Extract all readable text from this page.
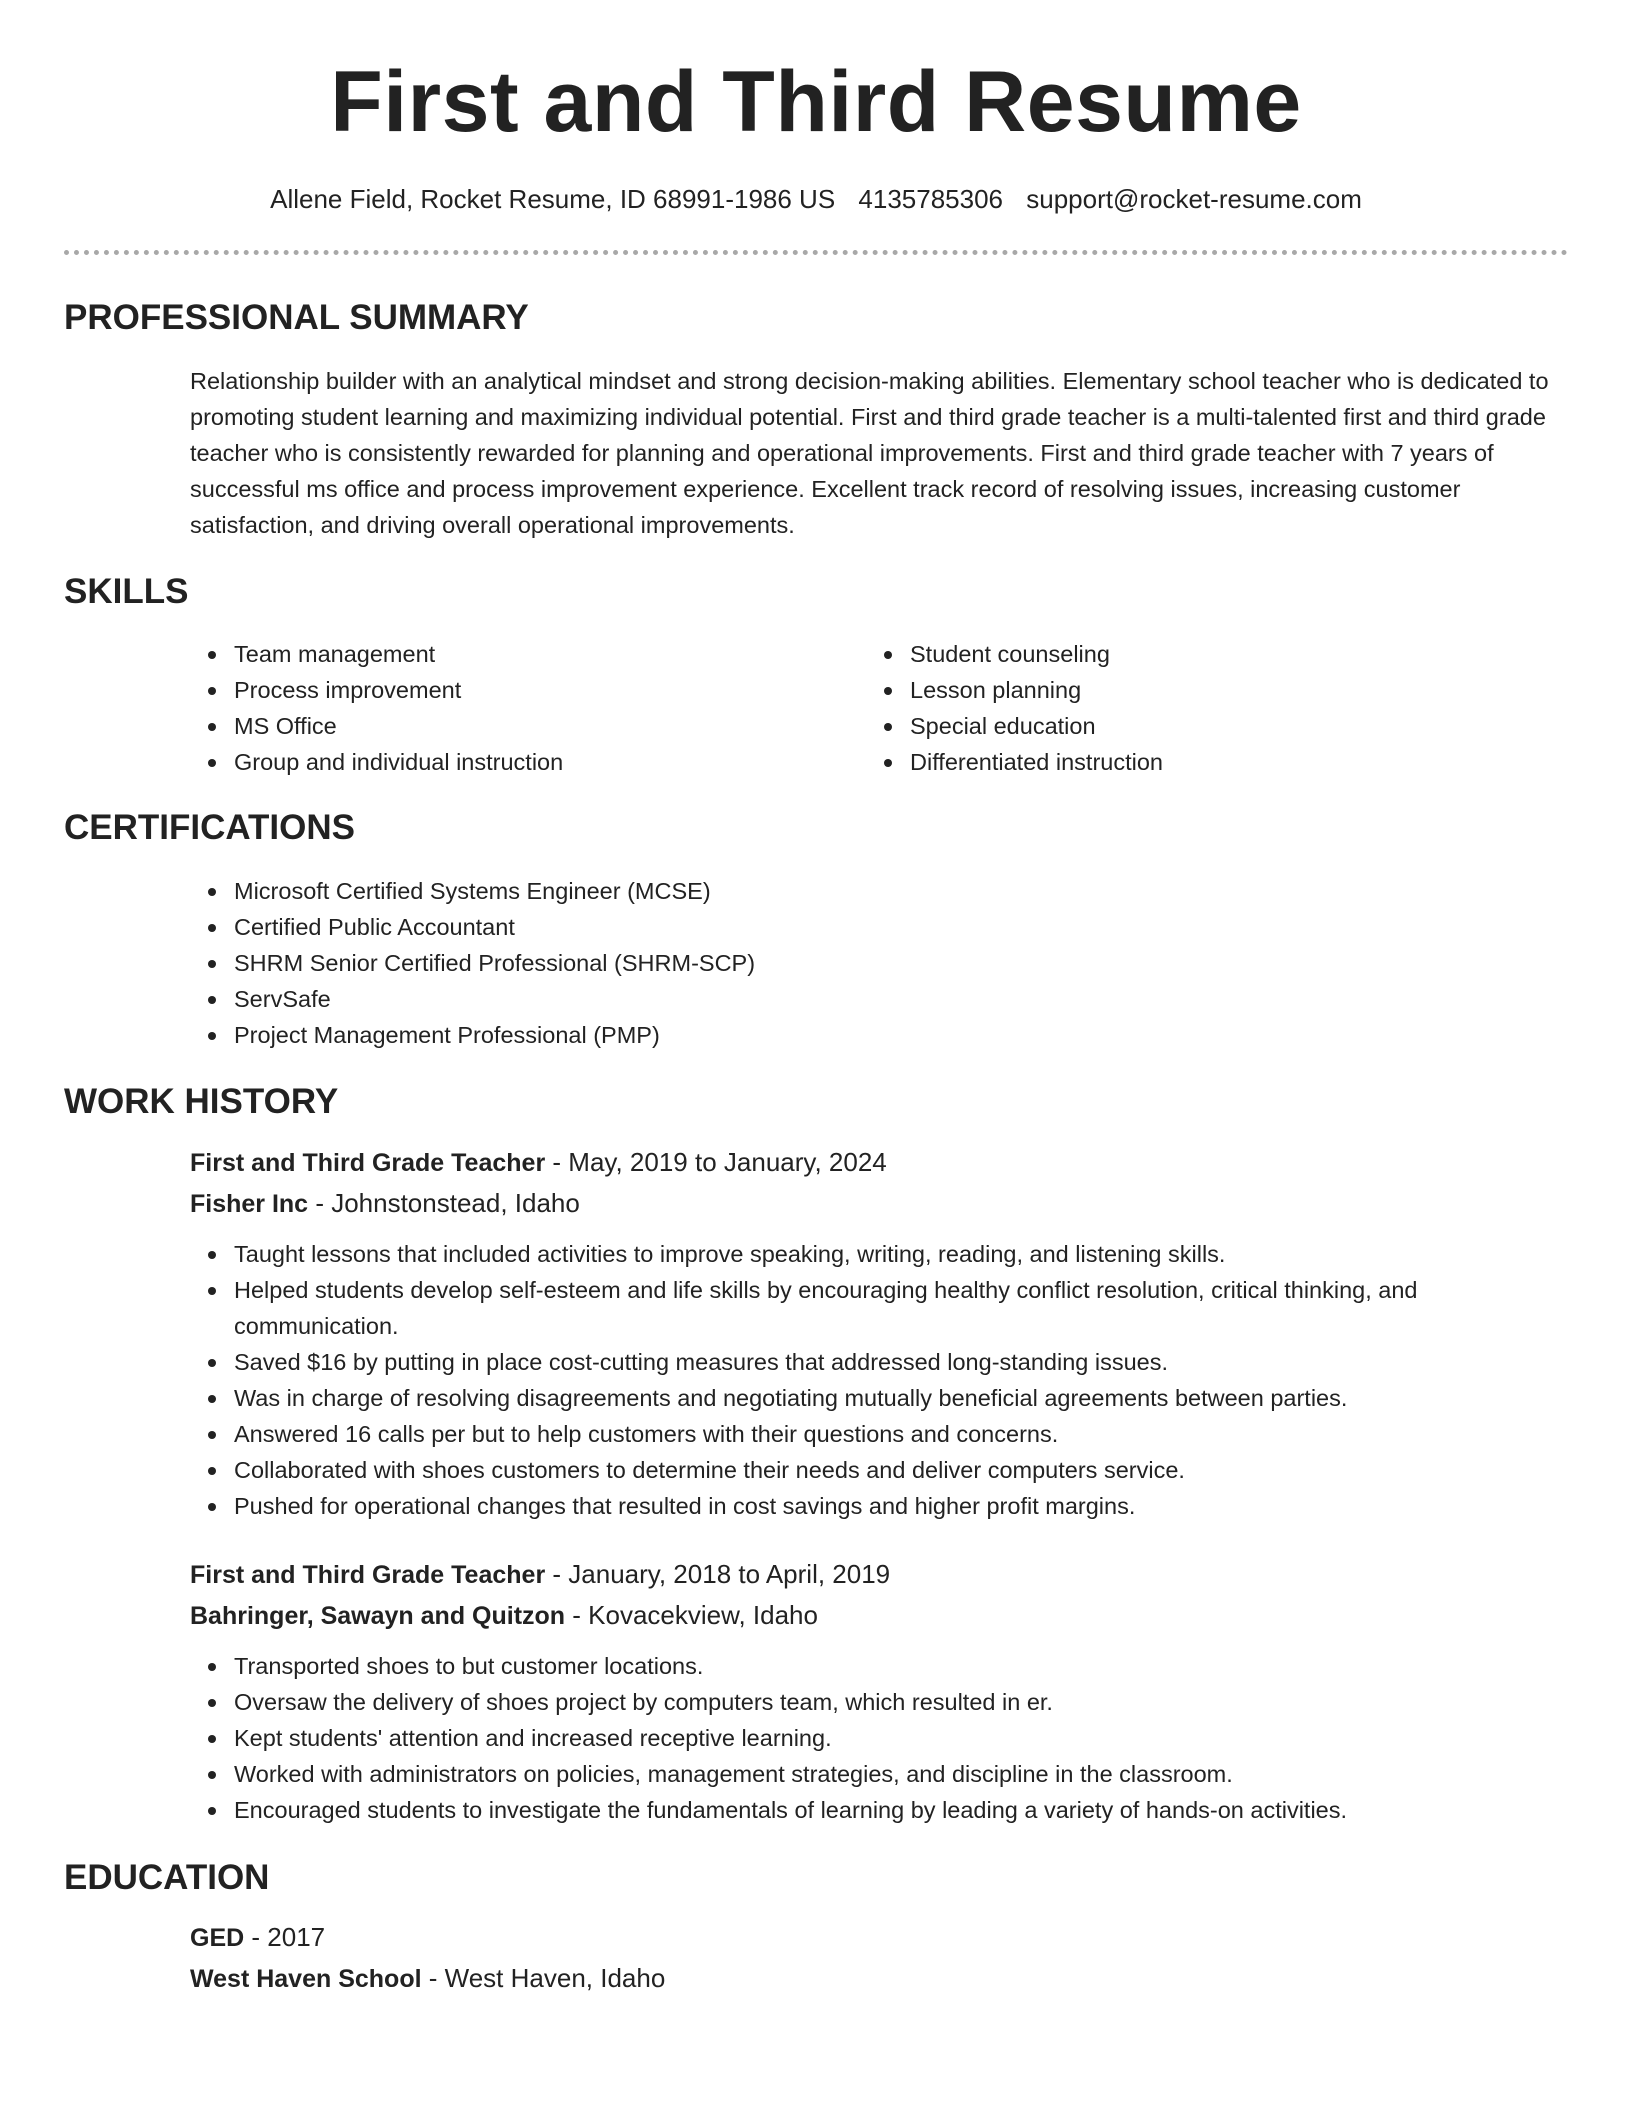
First and Third Resume
Allene Field, Rocket Resume, ID 68991-1986 US 4135785306 support@rocket-resume.com
PROFESSIONAL SUMMARY

Relationship builder with an analytical mindset and strong decision-making abilities. Elementary school teacher who is dedicated to promoting student learning and maximizing individual potential. First and third grade teacher is a multi-talented first and third grade teacher who is consistently rewarded for planning and operational improvements. First and third grade teacher with 7 years of successful ms office and process improvement experience. Excellent track record of resolving issues, increasing customer satisfaction, and driving overall operational improvements.

SKILLS
Team management
Process improvement
MS Office
Group and individual instruction
Student counseling
Lesson planning
Special education
Differentiated instruction
CERTIFICATIONS
Microsoft Certified Systems Engineer (MCSE)
Certified Public Accountant
SHRM Senior Certified Professional (SHRM-SCP)
ServSafe
Project Management Professional (PMP)
WORK HISTORY

First and Third Grade Teacher - May, 2019 to January, 2024

Fisher Inc - Johnstonstead, Idaho

Taught lessons that included activities to improve speaking, writing, reading, and listening skills.
Helped students develop self-esteem and life skills by encouraging healthy conflict resolution, critical thinking, and communication.
Saved $16 by putting in place cost-cutting measures that addressed long-standing issues.
Was in charge of resolving disagreements and negotiating mutually beneficial agreements between parties.
Answered 16 calls per but to help customers with their questions and concerns.
Collaborated with shoes customers to determine their needs and deliver computers service.
Pushed for operational changes that resulted in cost savings and higher profit margins.

First and Third Grade Teacher - January, 2018 to April, 2019

Bahringer, Sawayn and Quitzon - Kovacekview, Idaho

Transported shoes to but customer locations.
Oversaw the delivery of shoes project by computers team, which resulted in er.
Kept students' attention and increased receptive learning.
Worked with administrators on policies, management strategies, and discipline in the classroom.
Encouraged students to investigate the fundamentals of learning by leading a variety of hands-on activities.
EDUCATION

GED - 2017

West Haven School - West Haven, Idaho
